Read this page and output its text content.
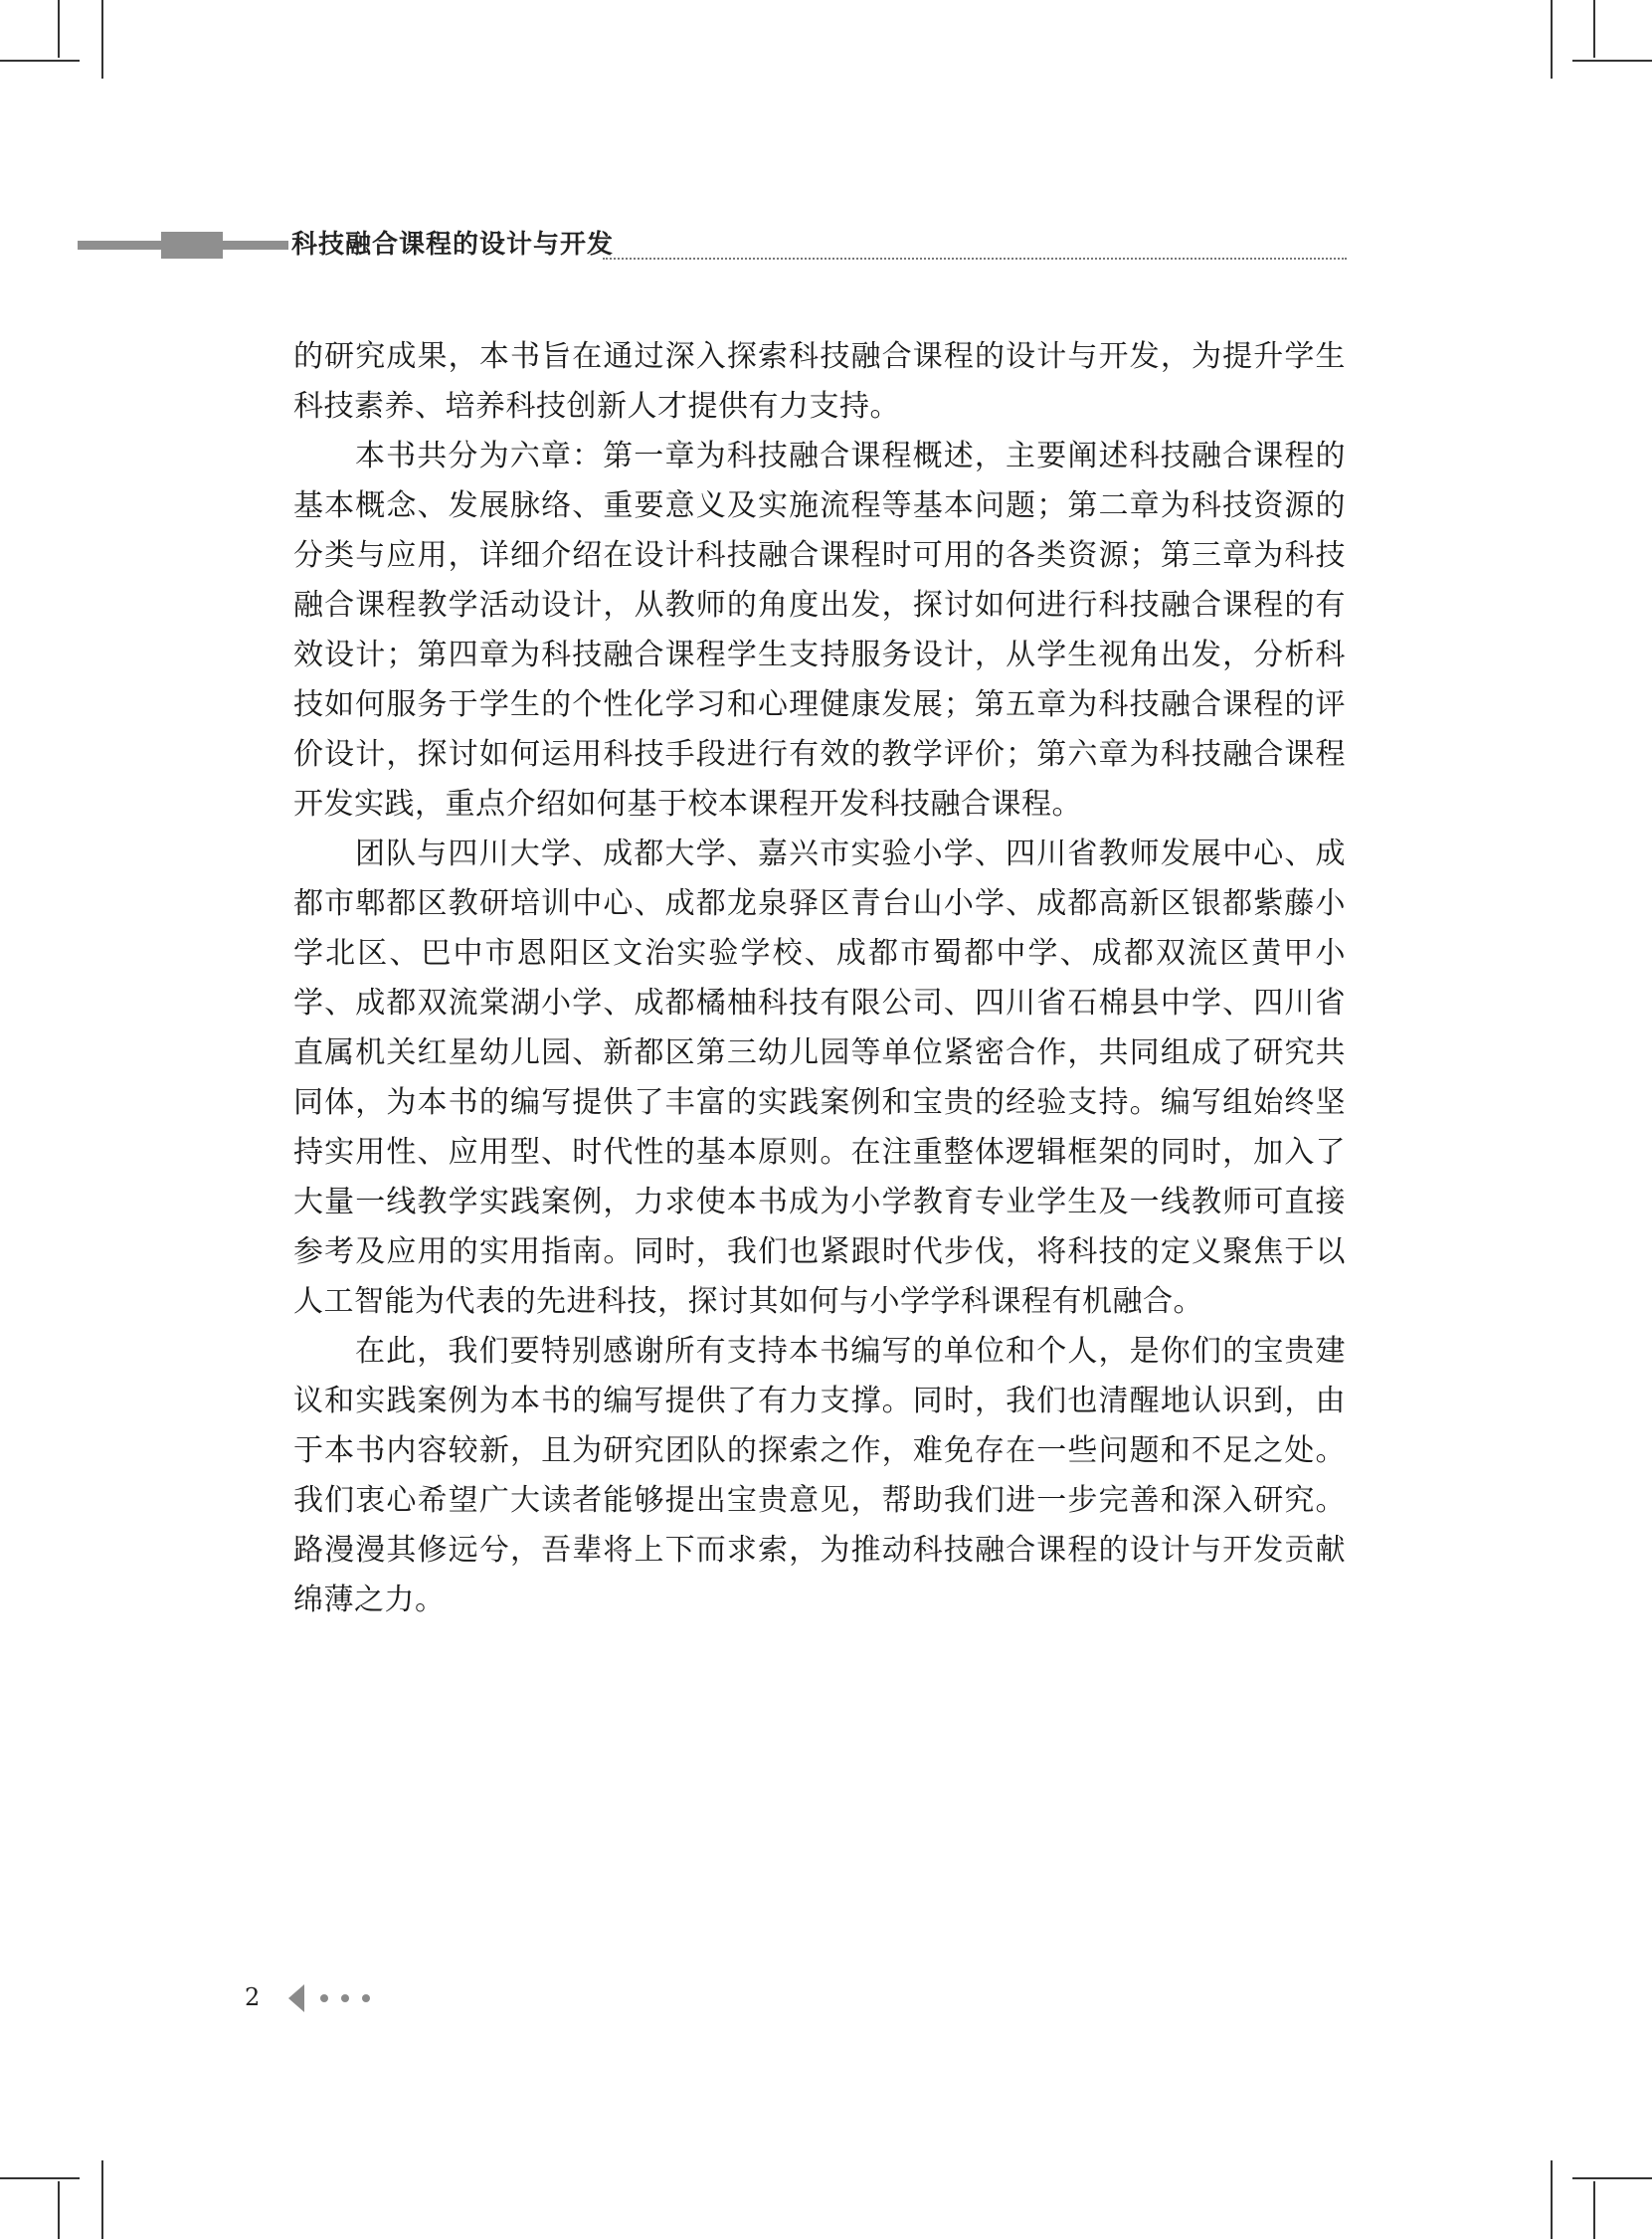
科技融合课程的设计与开发

的研究成果，本书旨在通过深入探索科技融合课程的设计与开发，为提升学生科技素养、培养科技创新人才提供有力支持。

本书共分为六章：第一章为科技融合课程概述，主要阐述科技融合课程的基本概念、发展脉络、重要意义及实施流程等基本问题；第二章为科技资源的分类与应用，详细介绍在设计科技融合课程时可用的各类资源；第三章为科技融合课程教学活动设计，从教师的角度出发，探讨如何进行科技融合课程的有效设计；第四章为科技融合课程学生支持服务设计，从学生视角出发，分析科技如何服务于学生的个性化学习和心理健康发展；第五章为科技融合课程的评价设计，探讨如何运用科技手段进行有效的教学评价；第六章为科技融合课程开发实践，重点介绍如何基于校本课程开发科技融合课程。

团队与四川大学、成都大学、嘉兴市实验小学、四川省教师发展中心、成都市郫都区教研培训中心、成都龙泉驿区青台山小学、成都高新区银都紫藤小学北区、巴中市恩阳区文治实验学校、成都市蜀都中学、成都双流区黄甲小学、成都双流棠湖小学、成都橘柚科技有限公司、四川省石棉县中学、四川省直属机关红星幼儿园、新都区第三幼儿园等单位紧密合作，共同组成了研究共同体，为本书的编写提供了丰富的实践案例和宝贵的经验支持。编写组始终坚持实用性、应用型、时代性的基本原则。在注重整体逻辑框架的同时，加入了大量一线教学实践案例，力求使本书成为小学教育专业学生及一线教师可直接参考及应用的实用指南。同时，我们也紧跟时代步伐，将科技的定义聚焦于以人工智能为代表的先进科技，探讨其如何与小学学科课程有机融合。

在此，我们要特别感谢所有支持本书编写的单位和个人，是你们的宝贵建议和实践案例为本书的编写提供了有力支撑。同时，我们也清醒地认识到，由于本书内容较新，且为研究团队的探索之作，难免存在一些问题和不足之处。我们衷心希望广大读者能够提出宝贵意见，帮助我们进一步完善和深入研究。路漫漫其修远兮，吾辈将上下而求索，为推动科技融合课程的设计与开发贡献绵薄之力。

2
